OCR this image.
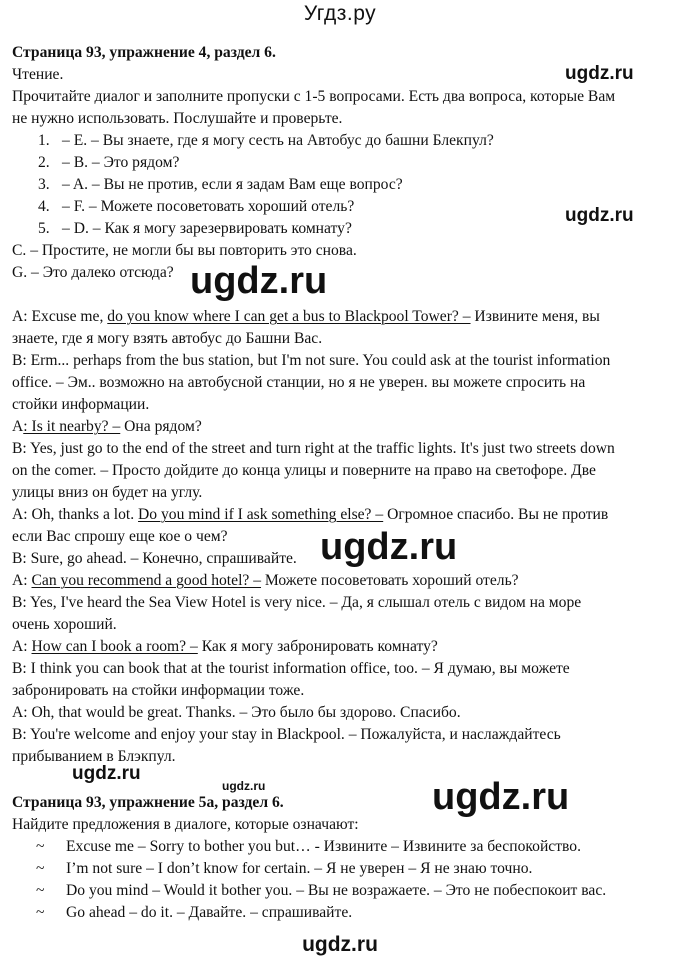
Угдз.ру
ugdz.ru
ugdz.ru
ugdz.ru
ugdz.ru
ugdz.ru
ugdz.ru	ugdz.ru
Страница 93, упражнение 4, раздел 6.
Чтение.
Прочитайте диалог и заполните пропуски с 1-5 вопросами. Есть два вопроса, которые Вам
не нужно использовать. Послушайте и проверьте.
1. – E. – Вы знаете, где я могу сесть на Автобус до башни Блекпул?
2. – B. – Это рядом?
3. – A. – Вы не против, если я задам Вам еще вопрос?
4. – F. – Можете посоветовать хороший отель?
5. – D. – Как я могу зарезервировать комнату?
C. – Простите, не могли бы вы повторить это снова.
G. – Это далеко отсюда?
A: Excuse me, do you know where I can get a bus to Blackpool Tower? – Извините меня, вы
знаете, где я могу взять автобус до Башни Вас.
B: Erm... perhaps from the bus station, but I'm not sure. You could ask at the tourist information
office. – Эм.. возможно на автобусной станции, но я не уверен. вы можете спросить на
стойки информации.
A: Is it nearby? – Она рядом?
B: Yes, just go to the end of the street and turn right at the traffic lights. It's just two streets down
on the comer. – Просто дойдите до конца улицы и поверните на право на светофоре. Две
улицы вниз он будет на углу.
A: Oh, thanks a lot. Do you mind if I ask something else? – Огромное спасибо. Вы не против
если Вас спрошу еще кое о чем?
B: Sure, go ahead. – Конечно, спрашивайте.
A: Can you recommend a good hotel? – Можете посоветовать хороший отель?
B: Yes, I've heard the Sea View Hotel is very nice. – Да, я слышал отель с видом на море
очень хороший.
A: How can I book a room? – Как я могу забронировать комнату?
B: I think you can book that at the tourist information office, too. – Я думаю, вы можете
забронировать на стойки информации тоже.
A: Oh, that would be great. Thanks. – Это было бы здорово. Спасибо.
B: You're welcome and enjoy your stay in Blackpool. – Пожалуйста, и наслаждайтесь
прибыванием в Блэкпул.
Страница 93, упражнение 5a, раздел 6.
Найдите предложения в диалоге, которые означают:
~ Excuse me – Sorry to bother you but… - Извините – Извините за беспокойство.
~ I’m not sure – I don’t know for certain. – Я не уверен – Я не знаю точно.
~ Do you mind – Would it bother you. – Вы не возражаете. – Это не побеспокоит вас.
~ Go ahead – do it. – Давайте. – спрашивайте.
ugdz.ru
